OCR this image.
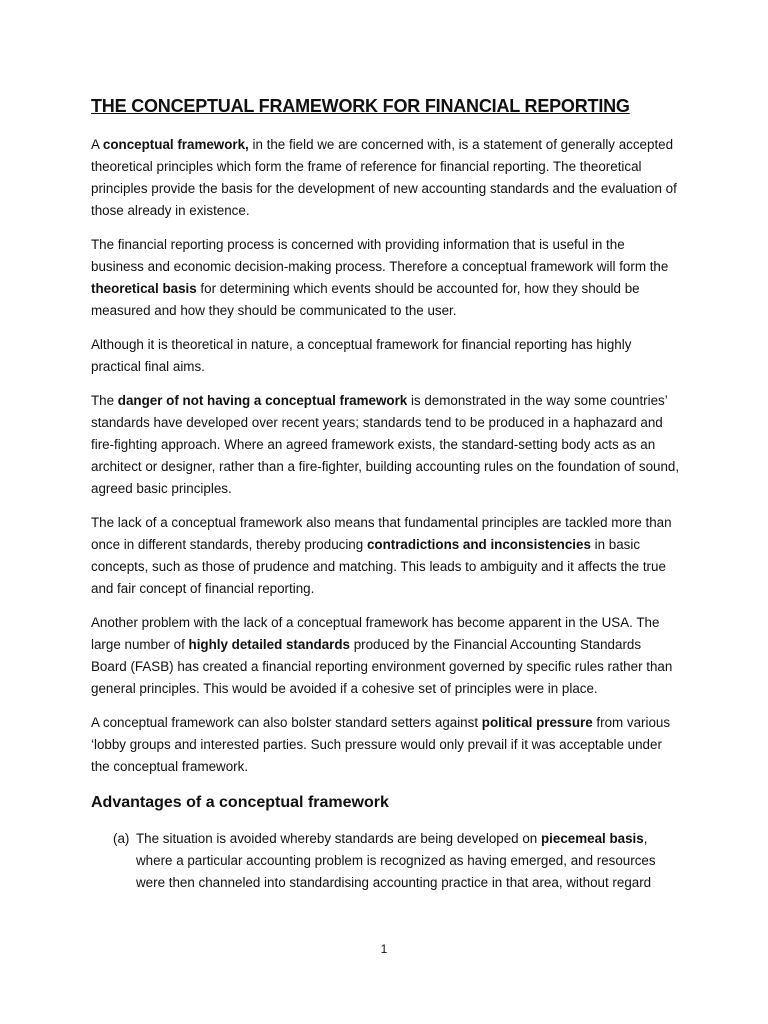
THE CONCEPTUAL FRAMEWORK FOR FINANCIAL REPORTING

A conceptual framework, in the field we are concerned with, is a statement of generally accepted theoretical principles which form the frame of reference for financial reporting. The theoretical principles provide the basis for the development of new accounting standards and the evaluation of those already in existence.

The financial reporting process is concerned with providing information that is useful in the business and economic decision-making process. Therefore a conceptual framework will form the theoretical basis for determining which events should be accounted for, how they should be measured and how they should be communicated to the user.

Although it is theoretical in nature, a conceptual framework for financial reporting has highly practical final aims.

The danger of not having a conceptual framework is demonstrated in the way some countries’ standards have developed over recent years; standards tend to be produced in a haphazard and fire-fighting approach. Where an agreed framework exists, the standard-setting body acts as an architect or designer, rather than a fire-fighter, building accounting rules on the foundation of sound, agreed basic principles.

The lack of a conceptual framework also means that fundamental principles are tackled more than once in different standards, thereby producing contradictions and inconsistencies in basic concepts, such as those of prudence and matching. This leads to ambiguity and it affects the true and fair concept of financial reporting.

Another problem with the lack of a conceptual framework has become apparent in the USA. The large number of highly detailed standards produced by the Financial Accounting Standards Board (FASB) has created a financial reporting environment governed by specific rules rather than general principles. This would be avoided if a cohesive set of principles were in place.

A conceptual framework can also bolster standard setters against political pressure from various ‘lobby groups and interested parties. Such pressure would only prevail if it was acceptable under the conceptual framework.

Advantages of a conceptual framework
(a) The situation is avoided whereby standards are being developed on piecemeal basis, where a particular accounting problem is recognized as having emerged, and resources were then channeled into standardising accounting practice in that area, without regard
1
